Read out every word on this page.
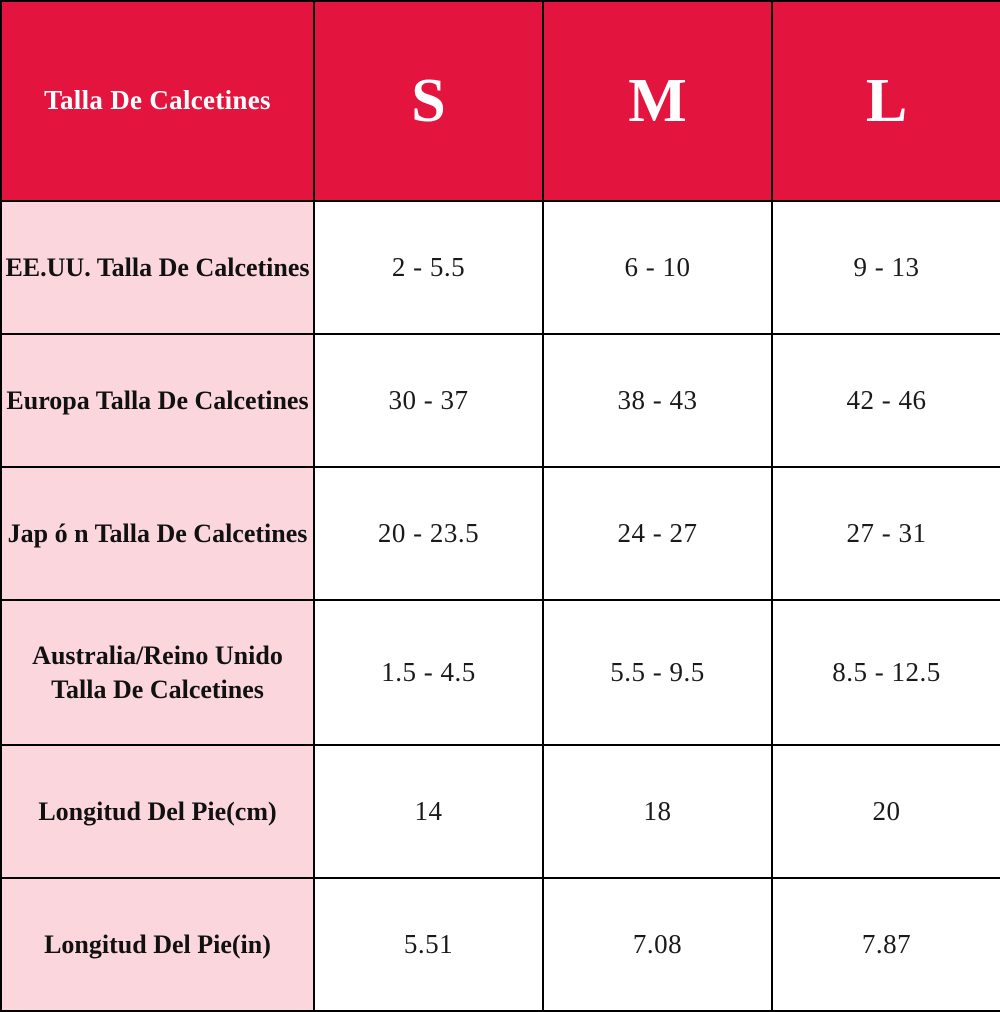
Talla De Calcetines	S	M	L
EE.UU. Talla De Calcetines	2 - 5.5	6 - 10	9 - 13
Europa Talla De Calcetines	30 - 37	38 - 43	42 - 46
Jap ó n Talla De Calcetines	20 - 23.5	24 - 27	27 - 31
Australia/Reino Unido Talla De Calcetines	1.5 - 4.5	5.5 - 9.5	8.5 - 12.5
Longitud Del Pie(cm)	14	18	20
Longitud Del Pie(in)	5.51	7.08	7.87
